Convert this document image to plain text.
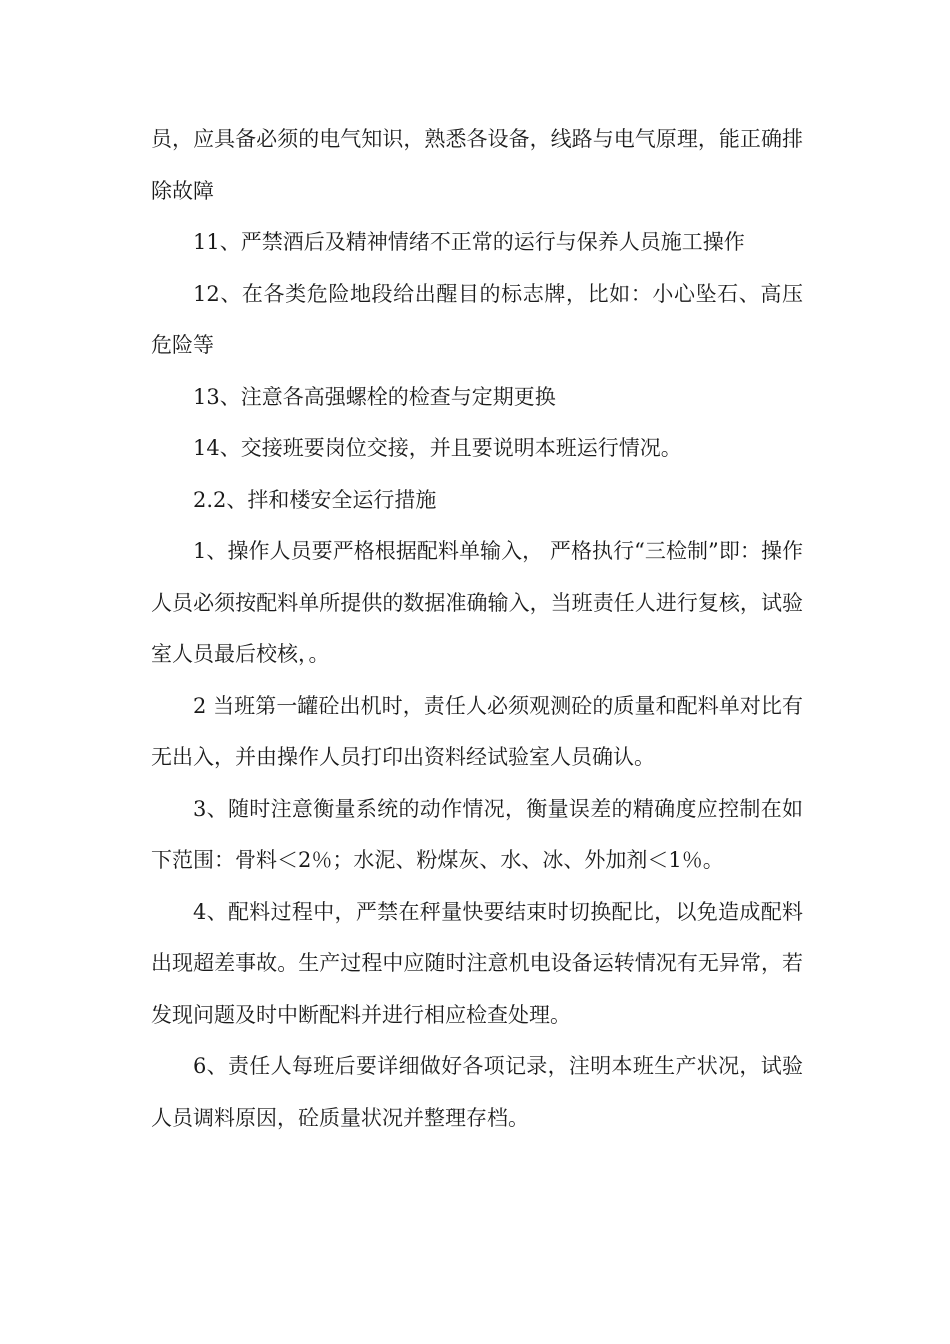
员，应具备必须的电气知识，熟悉各设备，线路与电气原理，能正确排除故障

11、严禁酒后及精神情绪不正常的运行与保养人员施工操作

12、在各类危险地段给出醒目的标志牌，比如：小心坠石、高压危险等

13、注意各高强螺栓的检查与定期更换

14、交接班要岗位交接，并且要说明本班运行情况。

2.2、拌和楼安全运行措施

1、操作人员要严格根据配料单输入， 严格执行“三检制”即：操作人员必须按配料单所提供的数据准确输入，当班责任人进行复核，试验室人员最后校核，。

2 当班第一罐砼出机时，责任人必须观测砼的质量和配料单对比有无出入，并由操作人员打印出资料经试验室人员确认。

3、随时注意衡量系统的动作情况，衡量误差的精确度应控制在如下范围：骨料＜2％；水泥、粉煤灰、水、冰、外加剂＜1％。

4、配料过程中，严禁在秤量快要结束时切换配比，以免造成配料出现超差事故。生产过程中应随时注意机电设备运转情况有无异常，若发现问题及时中断配料并进行相应检查处理。

6、责任人每班后要详细做好各项记录，注明本班生产状况，试验人员调料原因，砼质量状况并整理存档。
